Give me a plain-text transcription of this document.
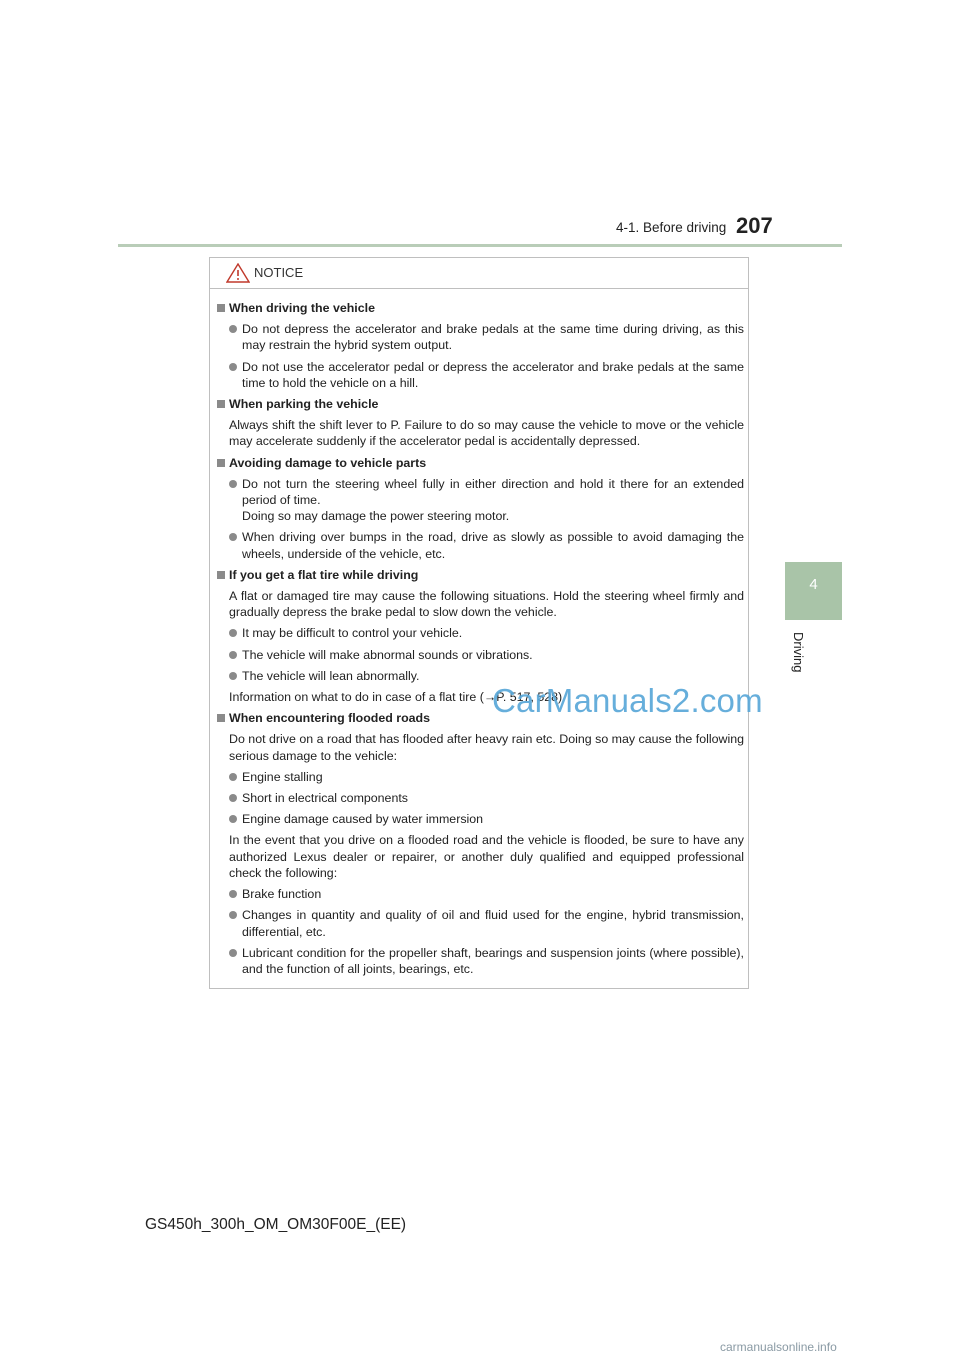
4-1. Before driving 207
4
Driving
NOTICE
When driving the vehicle
Do not depress the accelerator and brake pedals at the same time during driving, as this may restrain the hybrid system output.
Do not use the accelerator pedal or depress the accelerator and brake pedals at the same time to hold the vehicle on a hill.
When parking the vehicle
Always shift the shift lever to P. Failure to do so may cause the vehicle to move or the vehicle may accelerate suddenly if the accelerator pedal is accidentally depressed.
Avoiding damage to vehicle parts
Do not turn the steering wheel fully in either direction and hold it there for an extended period of time.
Doing so may damage the power steering motor.
When driving over bumps in the road, drive as slowly as possible to avoid damaging the wheels, underside of the vehicle, etc.
If you get a flat tire while driving
A flat or damaged tire may cause the following situations. Hold the steering wheel firmly and gradually depress the brake pedal to slow down the vehicle.
It may be difficult to control your vehicle.
The vehicle will make abnormal sounds or vibrations.
The vehicle will lean abnormally.
Information on what to do in case of a flat tire (→P. 517, 528)
When encountering flooded roads
Do not drive on a road that has flooded after heavy rain etc. Doing so may cause the following serious damage to the vehicle:
Engine stalling
Short in electrical components
Engine damage caused by water immersion
In the event that you drive on a flooded road and the vehicle is flooded, be sure to have any authorized Lexus dealer or repairer, or another duly qualified and equipped professional check the following:
Brake function
Changes in quantity and quality of oil and fluid used for the engine, hybrid transmission, differential, etc.
Lubricant condition for the propeller shaft, bearings and suspension joints (where possible), and the function of all joints, bearings, etc.
CarManuals2.com
GS450h_300h_OM_OM30F00E_(EE)
carmanualsonline.info
